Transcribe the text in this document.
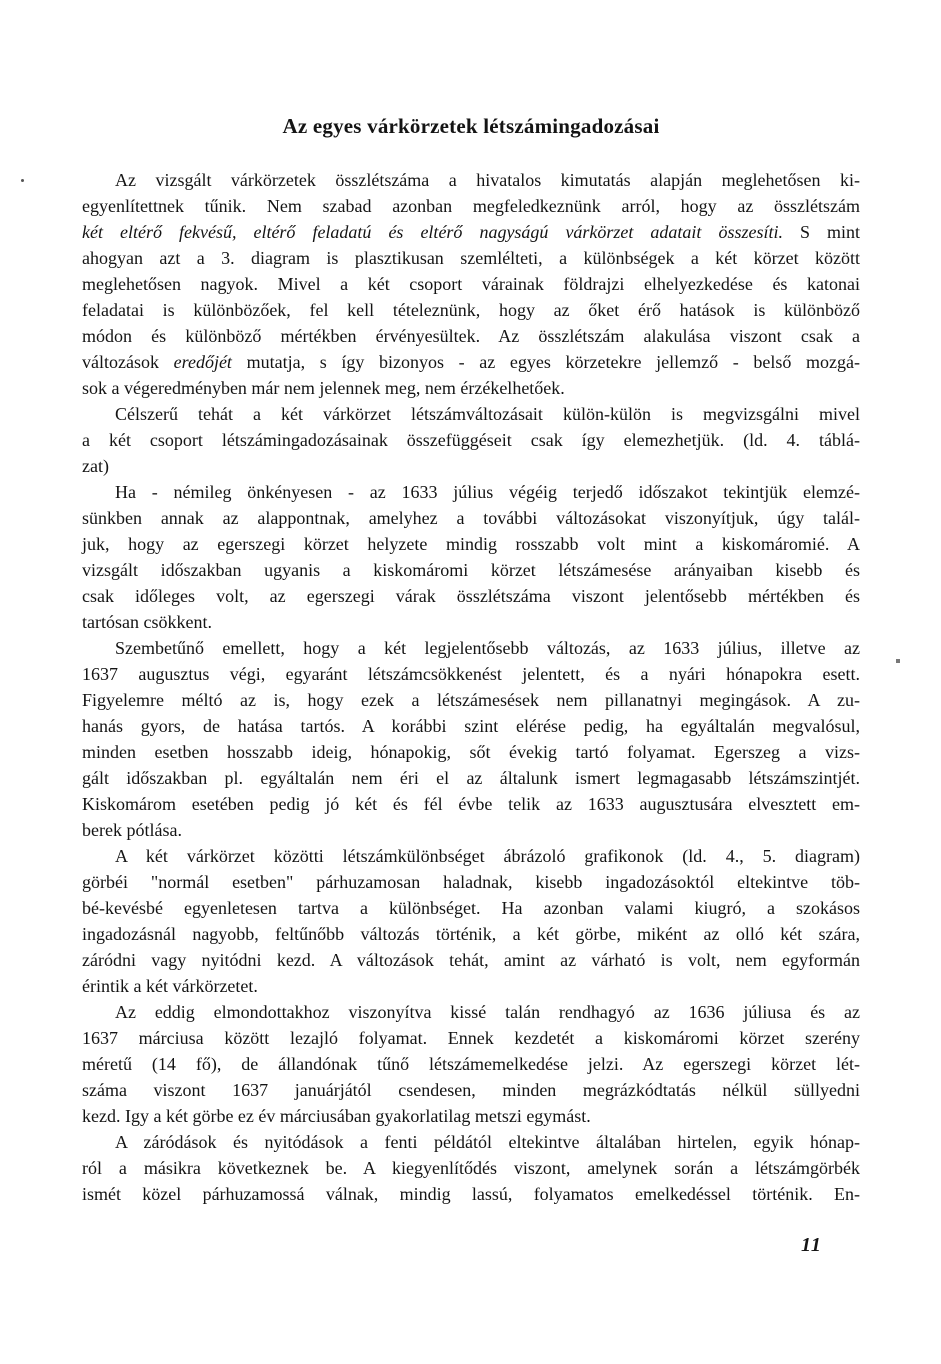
Az egyes várkörzetek létszámingadozásai
Az vizsgált várkörzetek összlétszáma a hivatalos kimutatás alapján meglehetősen ki-
egyenlítettnek tűnik. Nem szabad azonban megfeledkeznünk arról, hogy az összlétszám
két eltérő fekvésű, eltérő feladatú és eltérő nagyságú várkörzet adatait összesíti. S mint
ahogyan azt a 3. diagram is plasztikusan szemlélteti, a különbségek a két körzet között
meglehetősen nagyok. Mivel a két csoport várainak földrajzi elhelyezkedése és katonai
feladatai is különbözőek, fel kell tételeznünk, hogy az őket érő hatások is különböző
módon és különböző mértékben érvényesültek. Az összlétszám alakulása viszont csak a
változások eredőjét mutatja, s így bizonyos - az egyes körzetekre jellemző - belső mozgá-
sok a végeredményben már nem jelennek meg, nem érzékelhetőek.
Célszerű tehát a két várkörzet létszámváltozásait külön-külön is megvizsgálni mivel
a két csoport létszámingadozásainak összefüggéseit csak így elemezhetjük. (ld. 4. táblá-
zat)
Ha - némileg önkényesen - az 1633 július végéig terjedő időszakot tekintjük elemzé-
sünkben annak az alappontnak, amelyhez a további változásokat viszonyítjuk, úgy talál-
juk, hogy az egerszegi körzet helyzete mindig rosszabb volt mint a kiskomáromié. A
vizsgált időszakban ugyanis a kiskomáromi körzet létszámesése arányaiban kisebb és
csak időleges volt, az egerszegi várak összlétszáma viszont jelentősebb mértékben és
tartósan csökkent.
Szembetűnő emellett, hogy a két legjelentősebb változás, az 1633 július, illetve az
1637 augusztus végi, egyaránt létszámcsökkenést jelentett, és a nyári hónapokra esett.
Figyelemre méltó az is, hogy ezek a létszámesések nem pillanatnyi megingások. A zu-
hanás gyors, de hatása tartós. A korábbi szint elérése pedig, ha egyáltalán megvalósul,
minden esetben hosszabb ideig, hónapokig, sőt évekig tartó folyamat. Egerszeg a vizs-
gált időszakban pl. egyáltalán nem éri el az általunk ismert legmagasabb létszámszintjét.
Kiskomárom esetében pedig jó két és fél évbe telik az 1633 augusztusára elvesztett em-
berek pótlása.
A két várkörzet közötti létszámkülönbséget ábrázoló grafikonok (ld. 4., 5. diagram)
görbéi "normál esetben" párhuzamosan haladnak, kisebb ingadozásoktól eltekintve töb-
bé-kevésbé egyenletesen tartva a különbséget. Ha azonban valami kiugró, a szokásos
ingadozásnál nagyobb, feltűnőbb változás történik, a két görbe, miként az olló két szára,
záródni vagy nyitódni kezd. A változások tehát, amint az várható is volt, nem egyformán
érintik a két várkörzetet.
Az eddig elmondottakhoz viszonyítva kissé talán rendhagyó az 1636 júliusa és az
1637 márciusa között lezajló folyamat. Ennek kezdetét a kiskomáromi körzet szerény
méretű (14 fő), de állandónak tűnő létszámemelkedése jelzi. Az egerszegi körzet lét-
száma viszont 1637 januárjától csendesen, minden megrázkódtatás nélkül süllyedni
kezd. Igy a két görbe ez év márciusában gyakorlatilag metszi egymást.
A záródások és nyitódások a fenti példától eltekintve általában hirtelen, egyik hónap-
ról a másikra következnek be. A kiegyenlítődés viszont, amelynek során a létszámgörbék
ismét közel párhuzamossá válnak, mindig lassú, folyamatos emelkedéssel történik. En-
11
